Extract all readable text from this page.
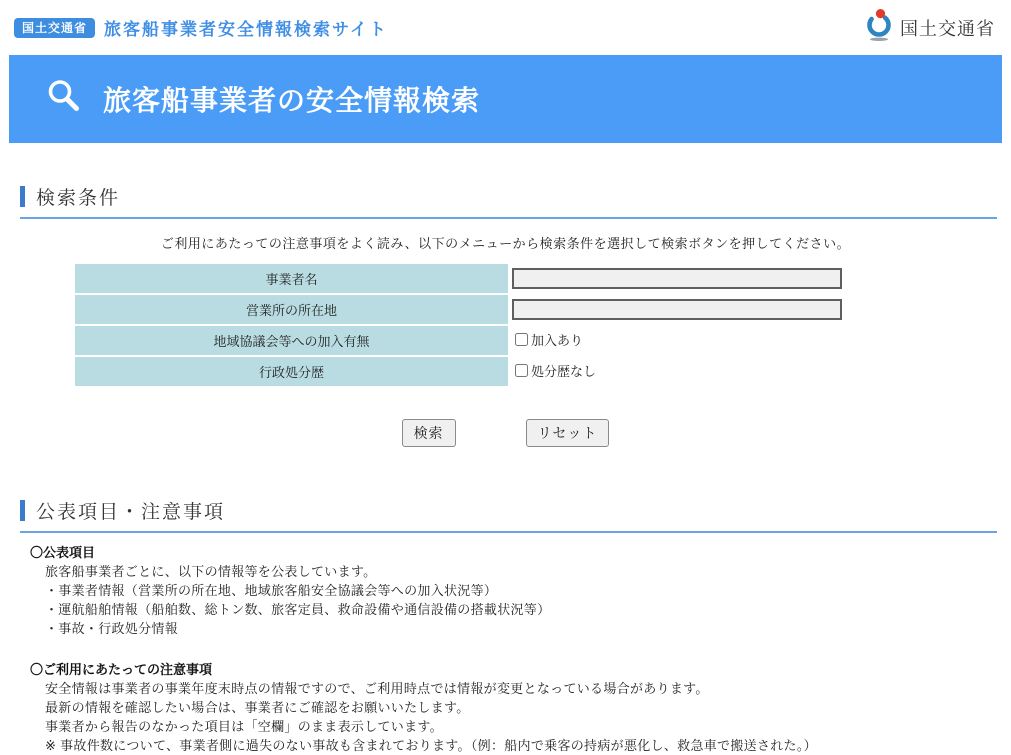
国土交通省	旅客船事業者安全情報検索サイト	国土交通省
旅客船事業者の安全情報検索
検索条件
ご利用にあたっての注意事項をよく読み、以下のメニューから検索条件を選択して検索ボタンを押してください。
事業者名	
営業所の所在地	
地域協議会等への加入有無	加入あり
行政処分歴	処分歴なし
検索	リセット
公表項目・注意事項
〇公表項目
旅客船事業者ごとに、以下の情報等を公表しています。
・事業者情報（営業所の所在地、地域旅客船安全協議会等への加入状況等）
・運航船舶情報（船舶数、総トン数、旅客定員、救命設備や通信設備の搭載状況等）
・事故・行政処分情報
〇ご利用にあたっての注意事項
安全情報は事業者の事業年度末時点の情報ですので、ご利用時点では情報が変更となっている場合があります。
最新の情報を確認したい場合は、事業者にご確認をお願いいたします。
事業者から報告のなかった項目は「空欄」のまま表示しています。
※ 事故件数について、事業者側に過失のない事故も含まれております。（例：船内で乗客の持病が悪化し、救急車で搬送された。）
